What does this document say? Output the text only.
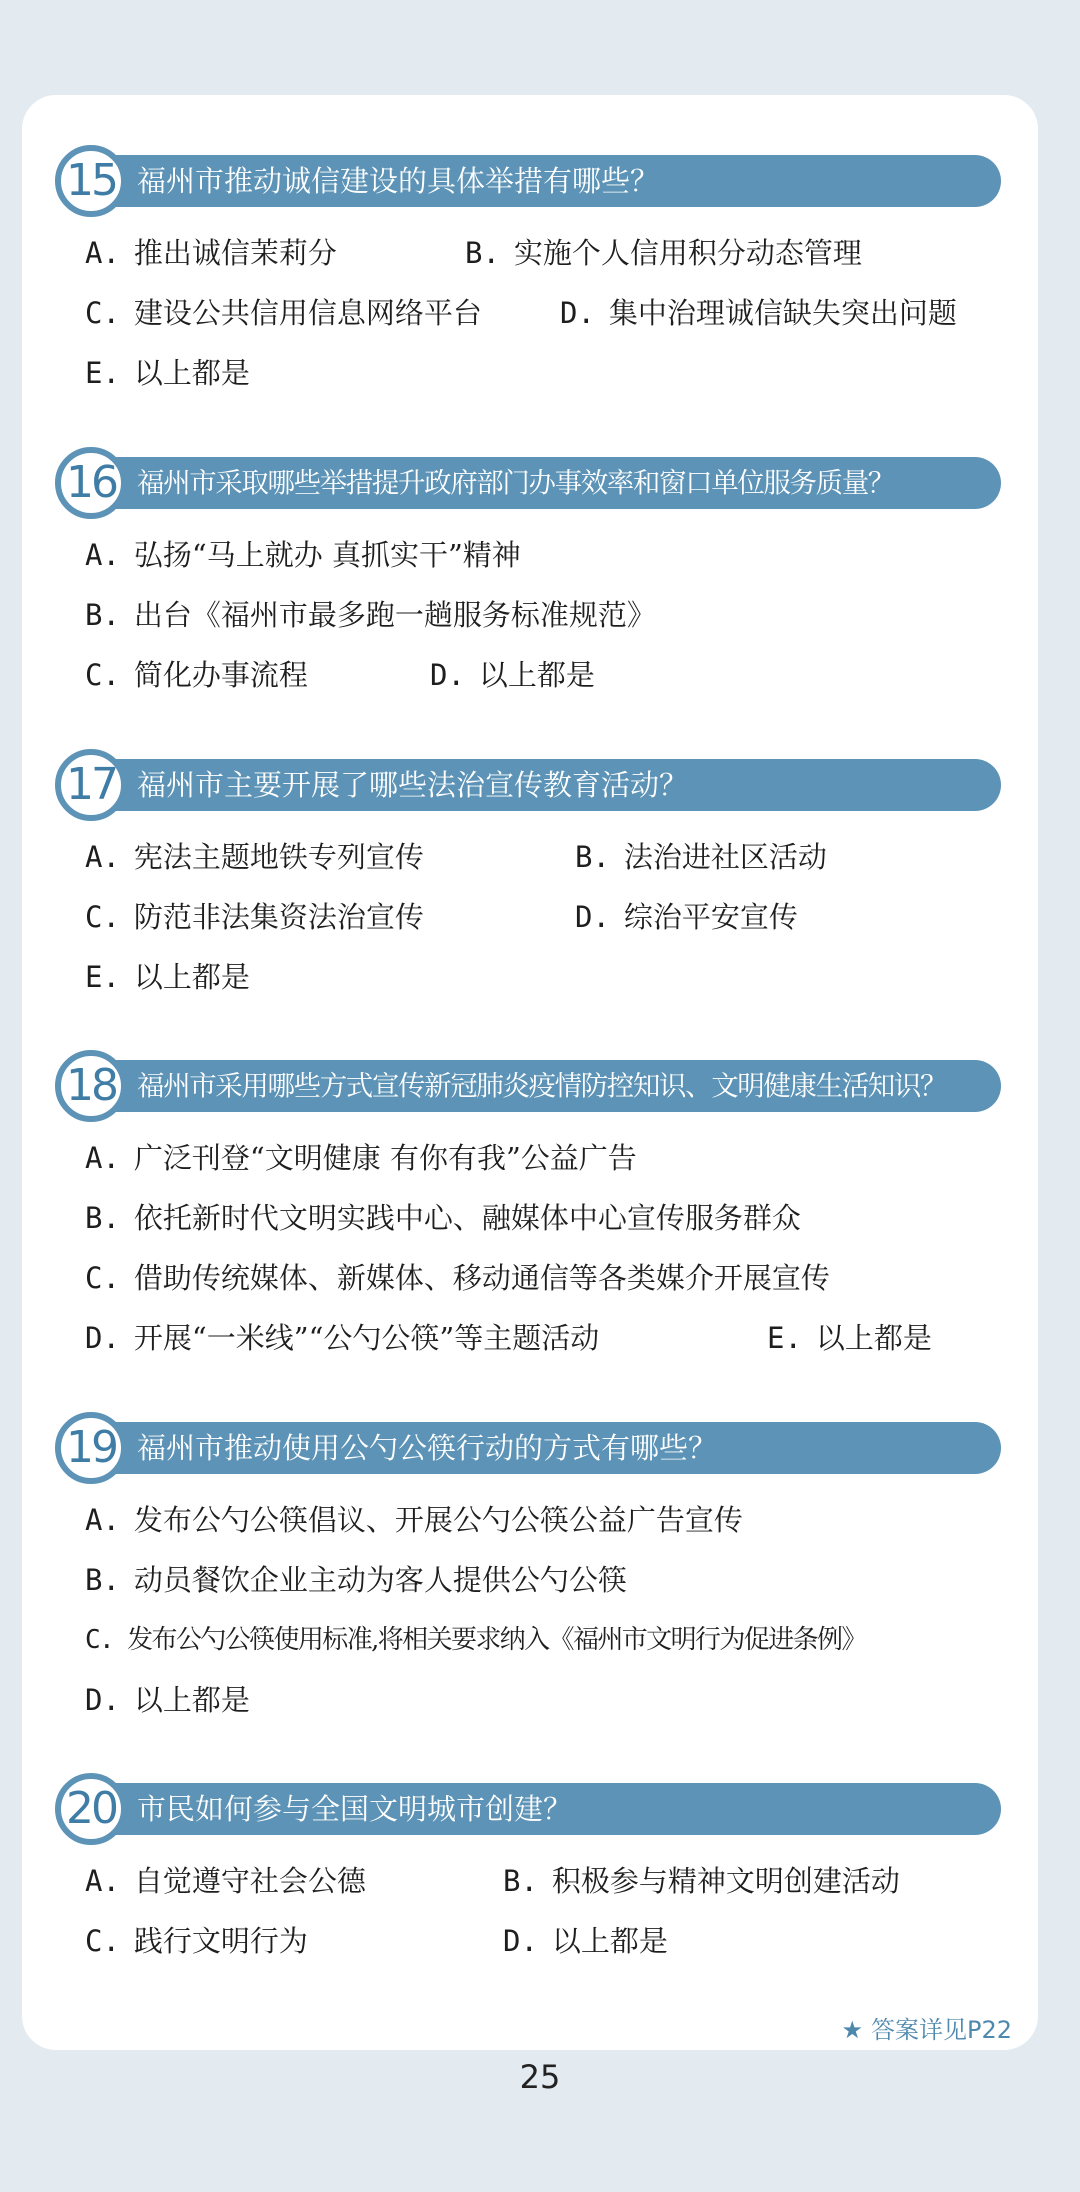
15 福州市推动诚信建设的具体举措有哪些？
A. 推出诚信茉莉分	B. 实施个人信用积分动态管理
C. 建设公共信用信息网络平台	D. 集中治理诚信缺失突出问题
E. 以上都是
16 福州市采取哪些举措提升政府部门办事效率和窗口单位服务质量？
A. 弘扬“马上就办 真抓实干”精神
B. 出台《福州市最多跑一趟服务标准规范》
C. 简化办事流程	D. 以上都是
17 福州市主要开展了哪些法治宣传教育活动？
A. 宪法主题地铁专列宣传	B. 法治进社区活动
C. 防范非法集资法治宣传	D. 综治平安宣传
E. 以上都是
18 福州市采用哪些方式宣传新冠肺炎疫情防控知识、文明健康生活知识？
A. 广泛刊登“文明健康 有你有我”公益广告
B. 依托新时代文明实践中心、融媒体中心宣传服务群众
C. 借助传统媒体、新媒体、移动通信等各类媒介开展宣传
D. 开展“一米线”“公勺公筷”等主题活动	E. 以上都是
19 福州市推动使用公勺公筷行动的方式有哪些？
A. 发布公勺公筷倡议、开展公勺公筷公益广告宣传
B. 动员餐饮企业主动为客人提供公勺公筷
C. 发布公勺公筷使用标准,将相关要求纳入《福州市文明行为促进条例》
D. 以上都是
20 市民如何参与全国文明城市创建？
A. 自觉遵守社会公德	B. 积极参与精神文明创建活动
C. 践行文明行为	D. 以上都是
★ 答案详见P22
25
